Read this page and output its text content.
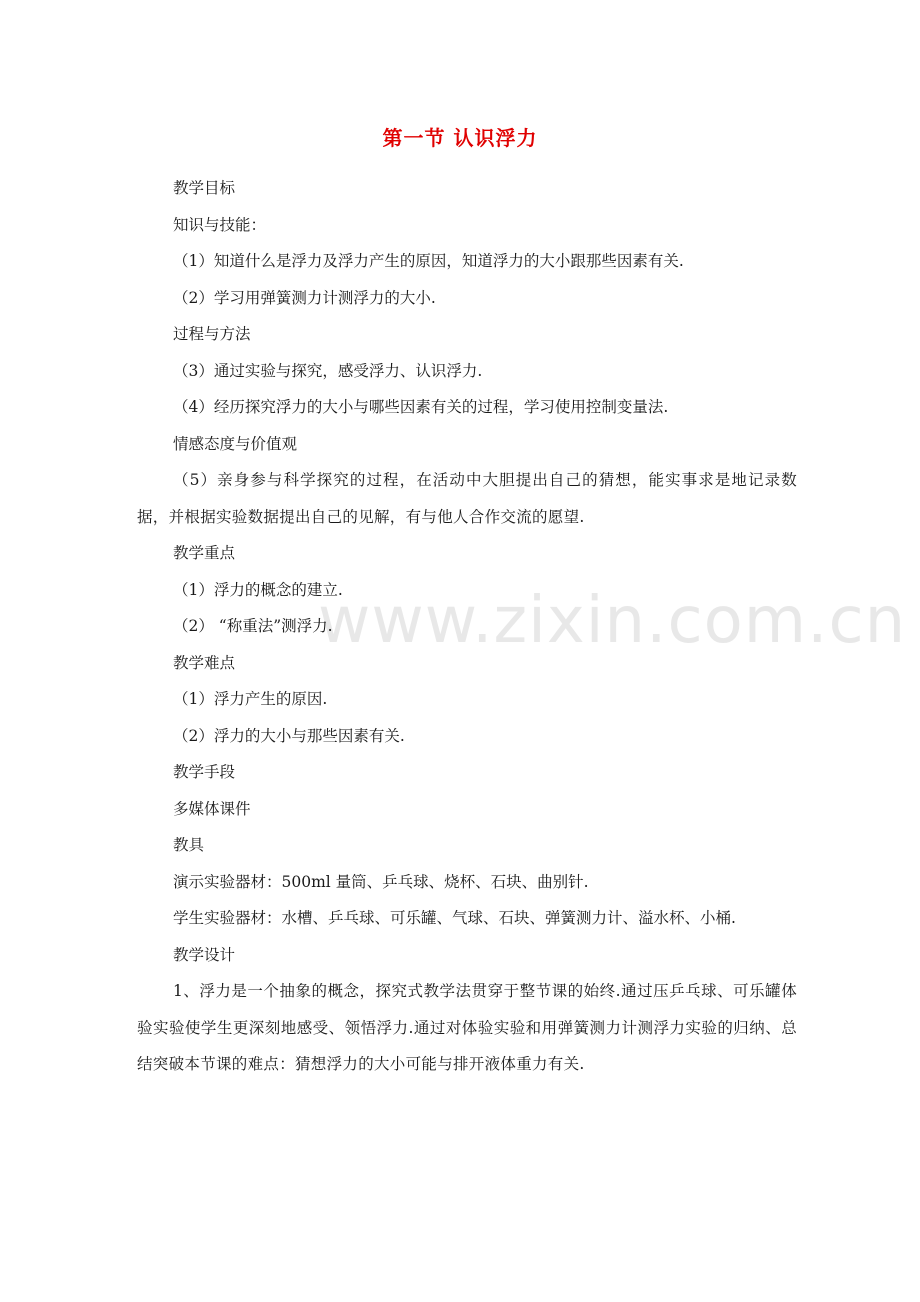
www.zixin.com.cn
第一节 认识浮力

教学目标

知识与技能：

（1）知道什么是浮力及浮力产生的原因，知道浮力的大小跟那些因素有关.

（2）学习用弹簧测力计测浮力的大小.

过程与方法

（3）通过实验与探究，感受浮力、认识浮力.

（4）经历探究浮力的大小与哪些因素有关的过程，学习使用控制变量法.

情感态度与价值观

（5）亲身参与科学探究的过程，在活动中大胆提出自己的猜想，能实事求是地记录数据，并根据实验数据提出自己的见解，有与他人合作交流的愿望.

教学重点

（1）浮力的概念的建立.

（2） “称重法”测浮力.

教学难点

（1）浮力产生的原因.

（2）浮力的大小与那些因素有关.

教学手段

多媒体课件

教具

演示实验器材：500ml 量筒、乒乓球、烧杯、石块、曲别针.

学生实验器材：水槽、乒乓球、可乐罐、气球、石块、弹簧测力计、溢水杯、小桶.

教学设计

1、浮力是一个抽象的概念，探究式教学法贯穿于整节课的始终.通过压乒乓球、可乐罐体验实验使学生更深刻地感受、领悟浮力.通过对体验实验和用弹簧测力计测浮力实验的归纳、总结突破本节课的难点：猜想浮力的大小可能与排开液体重力有关.
